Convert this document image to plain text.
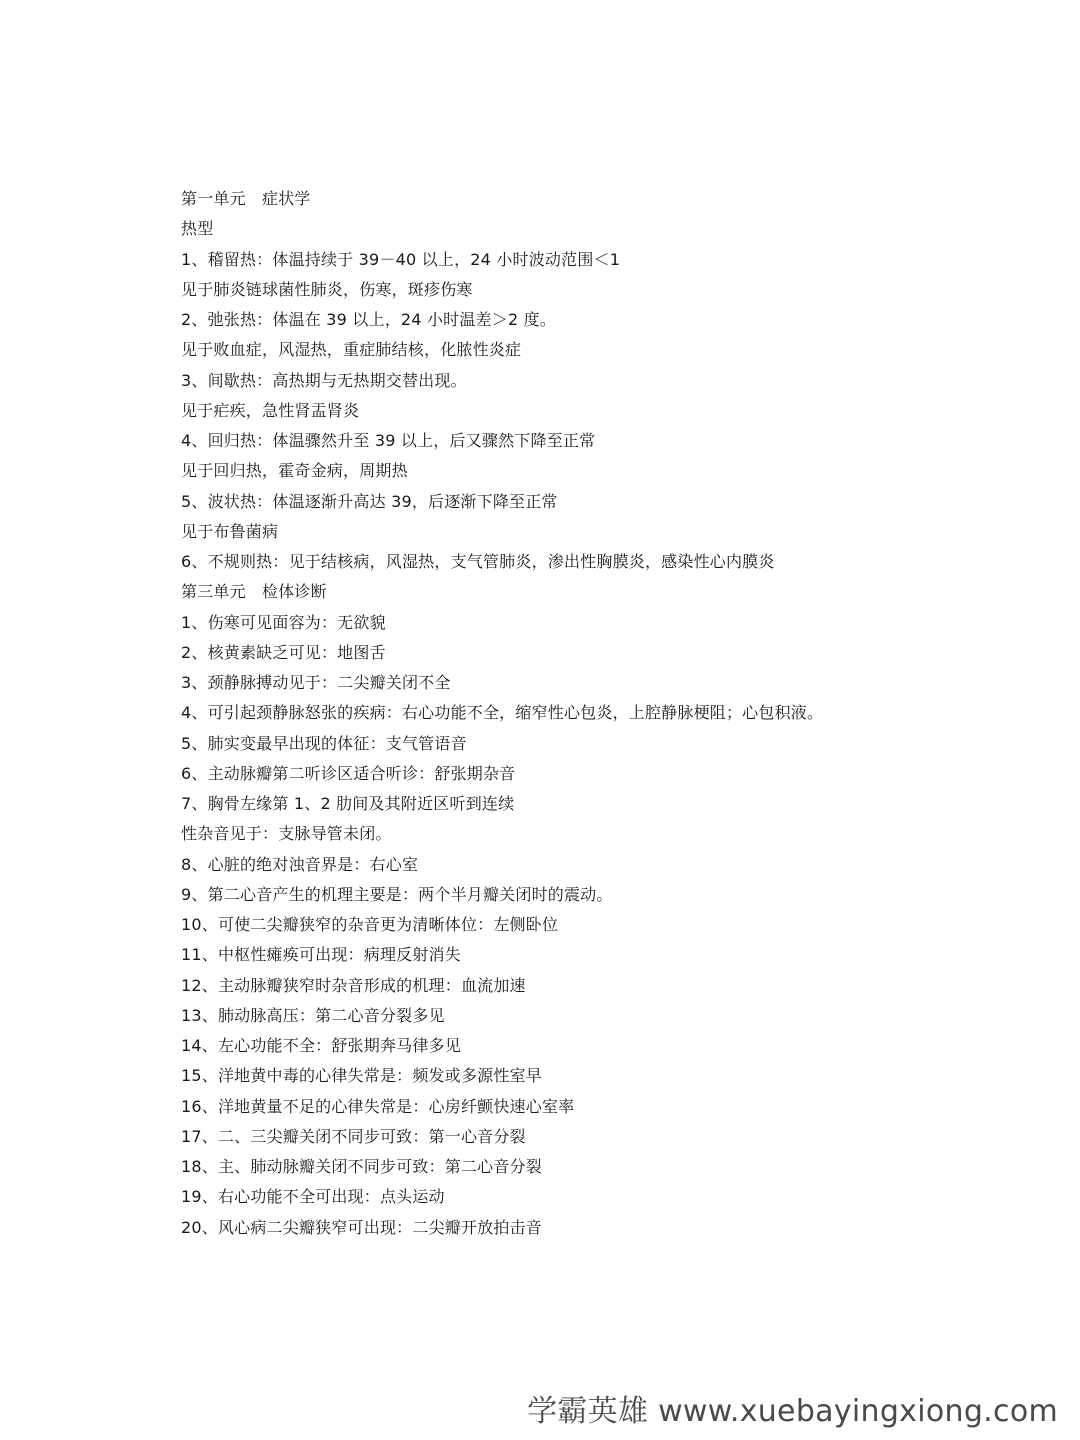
第一单元　症状学
热型
1、稽留热：体温持续于 39－40 以上，24 小时波动范围＜1
见于肺炎链球菌性肺炎，伤寒，斑疹伤寒
2、弛张热：体温在 39 以上，24 小时温差＞2 度。
见于败血症，风湿热，重症肺结核，化脓性炎症
3、间歇热：高热期与无热期交替出现。
见于疟疾，急性肾盂肾炎
4、回归热：体温骤然升至 39 以上，后又骤然下降至正常
见于回归热，霍奇金病，周期热
5、波状热：体温逐渐升高达 39，后逐渐下降至正常
见于布鲁菌病
6、不规则热：见于结核病，风湿热，支气管肺炎，渗出性胸膜炎，感染性心内膜炎
第三单元　检体诊断
1、伤寒可见面容为：无欲貌
2、核黄素缺乏可见：地图舌
3、颈静脉搏动见于：二尖瓣关闭不全
4、可引起颈静脉怒张的疾病：右心功能不全，缩窄性心包炎，上腔静脉梗阻；心包积液。
5、肺实变最早出现的体征：支气管语音
6、主动脉瓣第二听诊区适合听诊：舒张期杂音
7、胸骨左缘第 1、2 肋间及其附近区听到连续
性杂音见于：支脉导管未闭。
8、心脏的绝对浊音界是：右心室
9、第二心音产生的机理主要是：两个半月瓣关闭时的震动。
10、可使二尖瓣狭窄的杂音更为清晰体位：左侧卧位
11、中枢性瘫痪可出现：病理反射消失
12、主动脉瓣狭窄时杂音形成的机理：血流加速
13、肺动脉高压：第二心音分裂多见
14、左心功能不全：舒张期奔马律多见
15、洋地黄中毒的心律失常是：频发或多源性室早
16、洋地黄量不足的心律失常是：心房纤颤快速心室率
17、二、三尖瓣关闭不同步可致：第一心音分裂
18、主、肺动脉瓣关闭不同步可致：第二心音分裂
19、右心功能不全可出现：点头运动
20、风心病二尖瓣狭窄可出现：二尖瓣开放拍击音
学霸英雄 www.xuebayingxiong.com
